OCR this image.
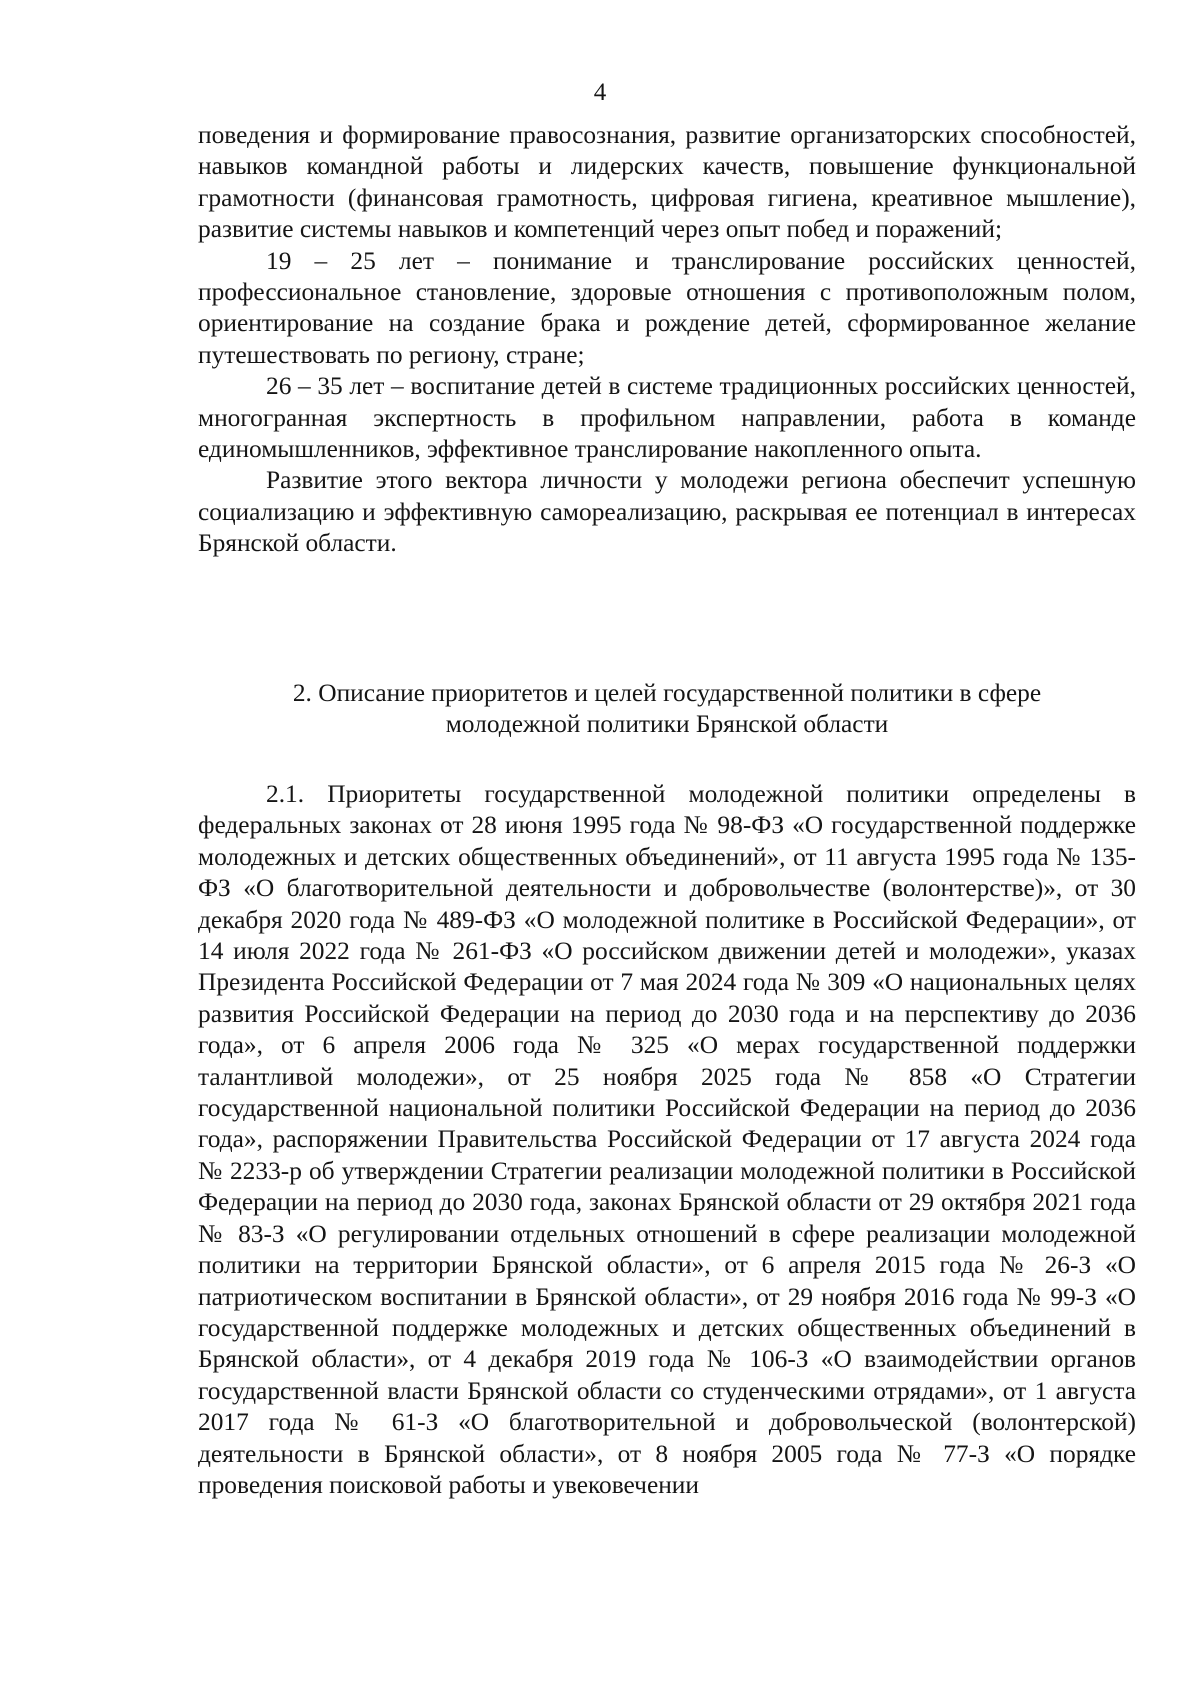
4

поведения и формирование правосознания, развитие организаторских способностей, навыков командной работы и лидерских качеств, повышение функциональной грамотности (финансовая грамотность, цифровая гигиена, креативное мышление), развитие системы навыков и компетенций через опыт побед и поражений;

19 – 25 лет – понимание и транслирование российских ценностей, профессиональное становление, здоровые отношения с противоположным полом, ориентирование на создание брака и рождение детей, сформированное желание путешествовать по региону, стране;

26 – 35 лет – воспитание детей в системе традиционных российских ценностей, многогранная экспертность в профильном направлении, работа в команде единомышленников, эффективное транслирование накопленного опыта.

Развитие этого вектора личности у молодежи региона обеспечит успешную социализацию и эффективную самореализацию, раскрывая ее потенциал в интересах Брянской области.

2. Описание приоритетов и целей государственной политики в сфере
молодежной политики Брянской области

2.1. Приоритеты государственной молодежной политики определены в федеральных законах от 28 июня 1995 года № 98-ФЗ «О государственной поддержке молодежных и детских общественных объединений», от 11 августа 1995 года № 135-ФЗ «О благотворительной деятельности и добровольчестве (волонтерстве)», от 30 декабря 2020 года № 489-ФЗ «О молодежной политике в Российской Федерации», от 14 июля 2022 года № 261-ФЗ «О российском движении детей и молодежи», указах Президента Российской Федерации от 7 мая 2024 года № 309 «О национальных целях развития Российской Федерации на период до 2030 года и на перспективу до 2036 года», от 6 апреля 2006 года № 325 «О мерах государственной поддержки талантливой молодежи», от 25 ноября 2025 года № 858 «О Стратегии государственной национальной политики Российской Федерации на период до 2036 года», распоряжении Правительства Российской Федерации от 17 августа 2024 года № 2233-р об утверждении Стратегии реализации молодежной политики в Российской Федерации на период до 2030 года, законах Брянской области от 29 октября 2021 года № 83-З «О регулировании отдельных отношений в сфере реализации молодежной политики на территории Брянской области», от 6 апреля 2015 года № 26-З «О патриотическом воспитании в Брянской области», от 29 ноября 2016 года № 99-З «О государственной поддержке молодежных и детских общественных объединений в Брянской области», от 4 декабря 2019 года № 106-З «О взаимодействии органов государственной власти Брянской области со студенческими отрядами», от 1 августа 2017 года № 61-З «О благотворительной и добровольческой (волонтерской) деятельности в Брянской области», от 8 ноября 2005 года № 77-З «О порядке проведения поисковой работы и увековечении
